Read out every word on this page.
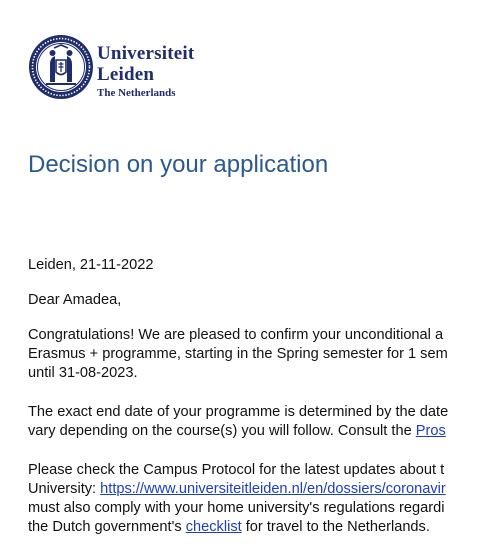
Universiteit
Leiden
The Netherlands
Decision on your application

Leiden, 21-11-2022

Dear Amadea,

Congratulations! We are pleased to confirm your unconditional a
Erasmus + programme, starting in the Spring semester for 1 sem
until 31-08-2023.

The exact end date of your programme is determined by the date
vary depending on the course(s) you will follow. Consult the Pros

Please check the Campus Protocol for the latest updates about t
University: https://www.universiteitleiden.nl/en/dossiers/coronavir
must also comply with your home university's regulations regardi
the Dutch government's checklist for travel to the Netherlands.
